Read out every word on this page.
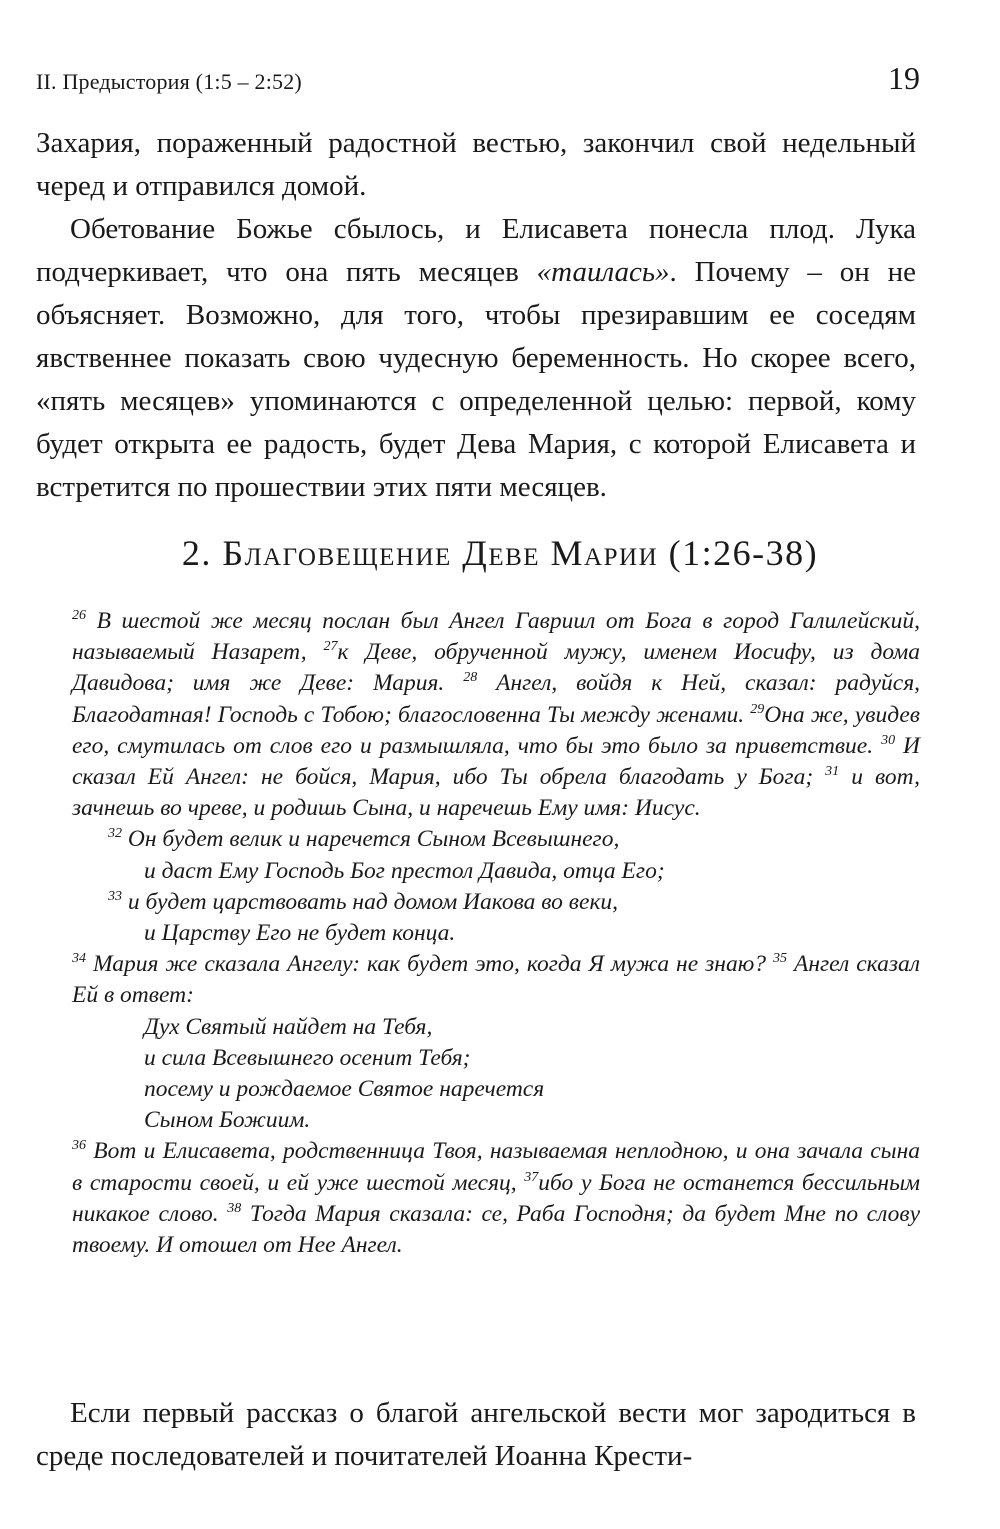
II. Предыстория (1:5 – 2:52)	19

Захария, пораженный радостной вестью, закончил свой недельный черед и отправился домой.

Обетование Божье сбылось, и Елисавета понесла плод. Лука подчеркивает, что она пять месяцев «таилась». Почему – он не объясняет. Возможно, для того, чтобы презиравшим ее соседям явственнее показать свою чудесную беременность. Но скорее всего, «пять месяцев» упоминаются с определенной целью: первой, кому будет открыта ее радость, будет Дева Мария, с которой Елисавета и встретится по прошествии этих пяти месяцев.

2. Благовещение Деве Марии (1:26-38)

$^{26}$ В шестой же месяц послан был Ангел Гавриил от Бога в город Галилейский, называемый Назарет, $^{27}$к Деве, обрученной мужу, именем Иосифу, из дома Давидова; имя же Деве: Мария. $^{28}$ Ангел, войдя к Ней, сказал: радуйся, Благодатная! Господь с Тобою; благословенна Ты между женами. $^{29}$Она же, увидев его, смутилась от слов его и размышляла, что бы это было за приветствие. $^{30}$ И сказал Ей Ангел: не бойся, Мария, ибо Ты обрела благодать у Бога; $^{31}$ и вот, зачнешь во чреве, и родишь Сына, и наречешь Ему имя: Иисус.

$^{32}$ Он будет велик и наречется Сыном Всевышнего,

и даст Ему Господь Бог престол Давида, отца Его;

$^{33}$ и будет царствовать над домом Иакова во веки,

и Царству Его не будет конца.

$^{34}$ Мария же сказала Ангелу: как будет это, когда Я мужа не знаю? $^{35}$ Ангел сказал Ей в ответ:

Дух Святый найдет на Тебя,

и сила Всевышнего осенит Тебя;

посему и рождаемое Святое наречется

Сыном Божиим.

$^{36}$ Вот и Елисавета, родственница Твоя, называемая неплодною, и она зачала сына в старости своей, и ей уже шестой месяц, $^{37}$ибо у Бога не останется бессильным никакое слово. $^{38}$ Тогда Мария сказала: се, Раба Господня; да будет Мне по слову твоему. И отошел от Нее Ангел.

Если первый рассказ о благой ангельской вести мог зародиться в среде последователей и почитателей Иоанна Крести-
